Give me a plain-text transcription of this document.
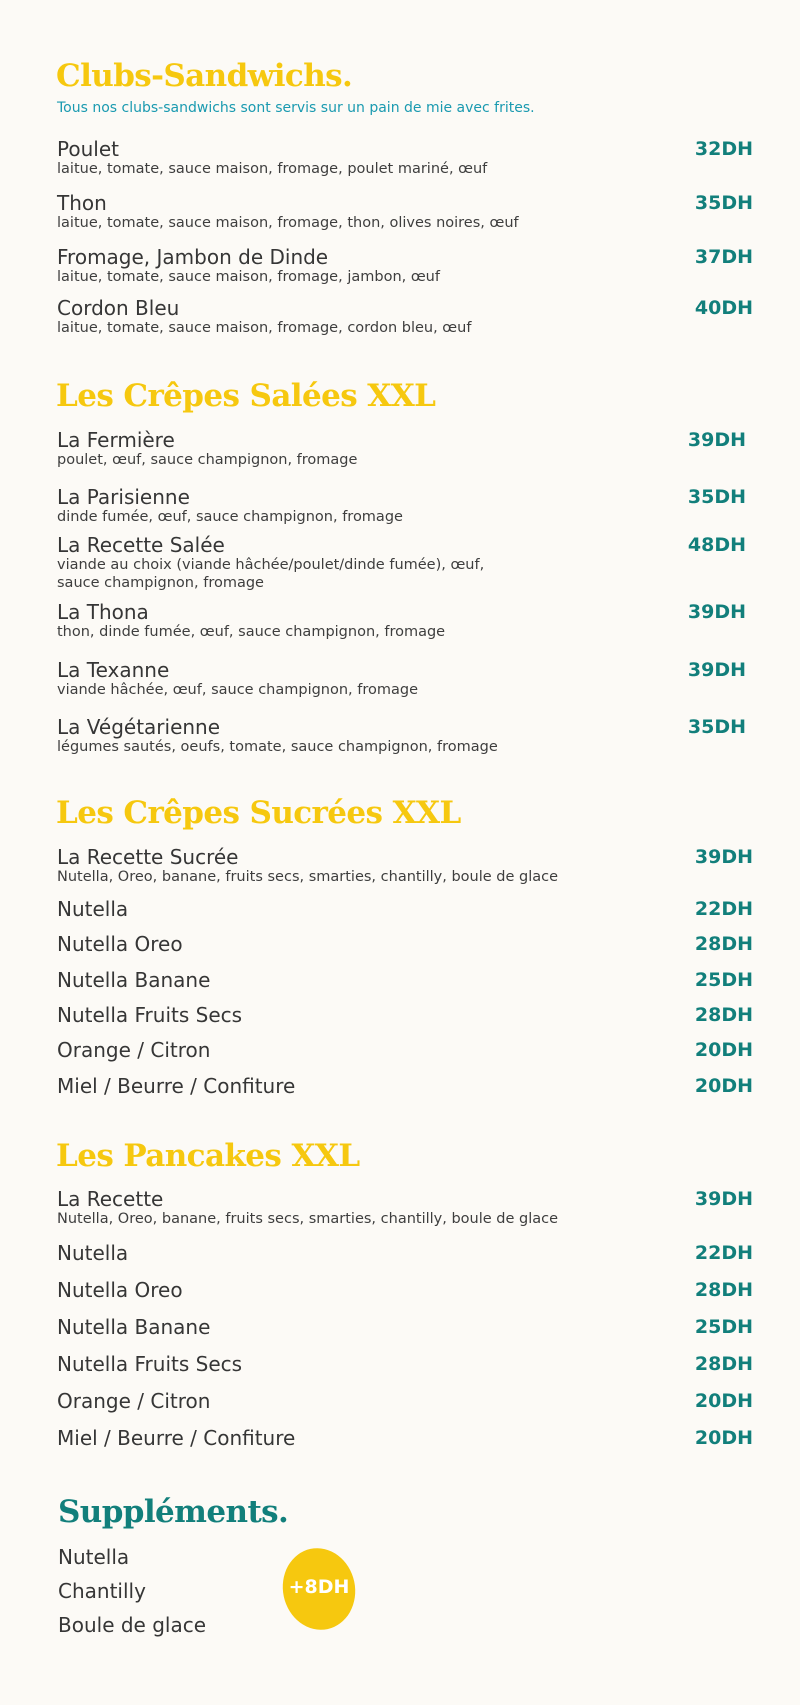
Clubs-Sandwichs.
Tous nos clubs-sandwichs sont servis sur un pain de mie avec frites.
Poulet
laitue, tomate, sauce maison, fromage, poulet mariné, œuf
32DH
Thon
laitue, tomate, sauce maison, fromage, thon, olives noires, œuf
35DH
Fromage, Jambon de Dinde
laitue, tomate, sauce maison, fromage, jambon, œuf
37DH
Cordon Bleu
laitue, tomate, sauce maison, fromage, cordon bleu, œuf
40DH
Les Crêpes Salées XXL
La Fermière
poulet, œuf, sauce champignon, fromage
39DH
La Parisienne
dinde fumée, œuf, sauce champignon, fromage
35DH
La Recette Salée
viande au choix (viande hâchée/poulet/dinde fumée), œuf,
sauce champignon, fromage
48DH
La Thona
thon, dinde fumée, œuf, sauce champignon, fromage
39DH
La Texanne
viande hâchée, œuf, sauce champignon, fromage
39DH
La Végétarienne
légumes sautés, oeufs, tomate, sauce champignon, fromage
35DH
Les Crêpes Sucrées XXL
La Recette Sucrée
Nutella, Oreo, banane, fruits secs, smarties, chantilly, boule de glace
39DH
Nutella	22DH
Nutella Oreo	28DH
Nutella Banane	25DH
Nutella Fruits Secs	28DH
Orange / Citron	20DH
Miel / Beurre / Confiture	20DH
Les Pancakes XXL
La Recette
Nutella, Oreo, banane, fruits secs, smarties, chantilly, boule de glace
39DH
Nutella	22DH
Nutella Oreo	28DH
Nutella Banane	25DH
Nutella Fruits Secs	28DH
Orange / Citron	20DH
Miel / Beurre / Confiture	20DH
Suppléments.
Nutella
Chantilly
Boule de glace
+8DH
